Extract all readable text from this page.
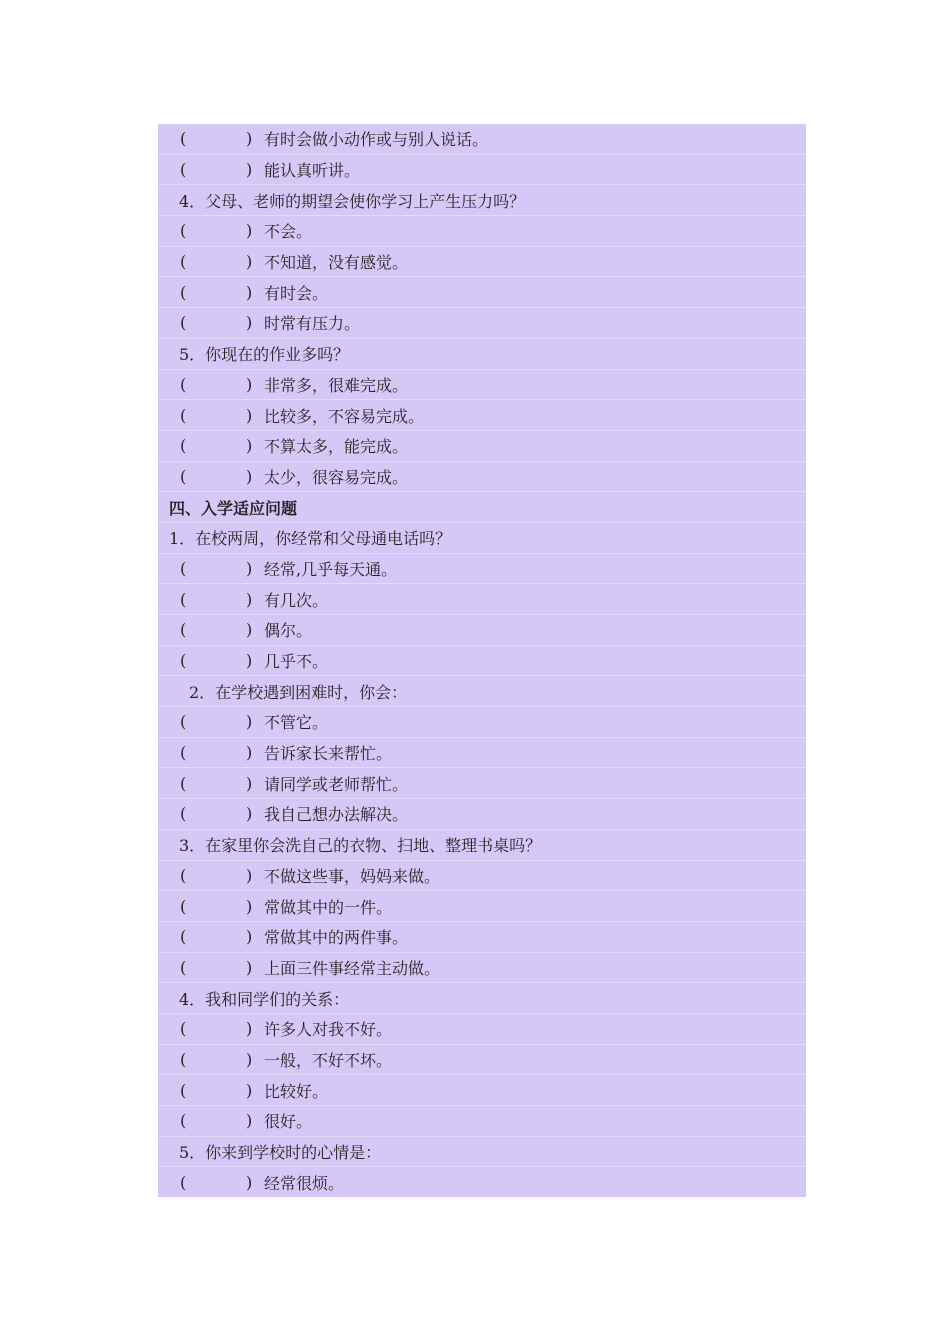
(	) 有时会做小动作或与别人说话。
(	) 能认真听讲。
4．父母、老师的期望会使你学习上产生压力吗？
(	) 不会。
(	) 不知道，没有感觉。
(	) 有时会。
(	) 时常有压力。
5．你现在的作业多吗？
(	) 非常多，很难完成。
(	) 比较多，不容易完成。
(	) 不算太多，能完成。
(	) 太少，很容易完成。
四、入学适应问题
1．在校两周，你经常和父母通电话吗？
(	) 经常,几乎每天通。
(	) 有几次。
(	) 偶尔。
(	) 几乎不。
2．在学校遇到困难时，你会：
(	) 不管它。
(	) 告诉家长来帮忙。
(	) 请同学或老师帮忙。
(	) 我自己想办法解决。
3．在家里你会洗自己的衣物、扫地、整理书桌吗？
(	) 不做这些事，妈妈来做。
(	) 常做其中的一件。
(	) 常做其中的两件事。
(	) 上面三件事经常主动做。
4．我和同学们的关系：
(	) 许多人对我不好。
(	) 一般，不好不坏。
(	) 比较好。
(	) 很好。
5．你来到学校时的心情是：
(	) 经常很烦。
